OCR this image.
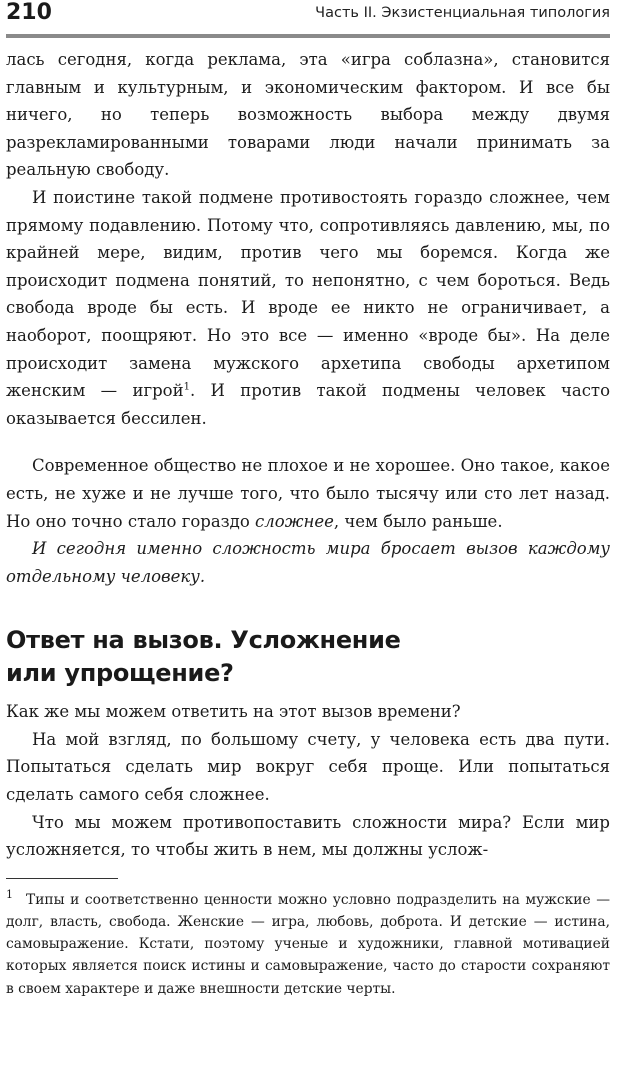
210	Часть II. Экзистенциальная типология

лась сегодня, когда реклама, эта «игра соблазна», становится главным и культурным, и экономическим фактором. И все бы ничего, но теперь возможность выбора между двумя разрекламированными товарами люди начали принимать за реальную свободу.

И поистине такой подмене противостоять гораздо сложнее, чем прямому подавлению. Потому что, сопротивляясь давлению, мы, по крайней мере, видим, против чего мы боремся. Когда же происходит подмена понятий, то непонятно, с чем бороться. Ведь свобода вроде бы есть. И вроде ее никто не ограничивает, а наоборот, поощряют. Но это все — именно «вроде бы». На деле происходит замена мужского архетипа свободы архетипом женским — игрой$^1$. И против такой подмены человек часто оказывается бессилен.

Современное общество не плохое и не хорошее. Оно такое, какое есть, не хуже и не лучше того, что было тысячу или сто лет назад. Но оно точно стало гораздо сложнее, чем было раньше.

И сегодня именно сложность мира бросает вызов каждому отдельному человеку.

Ответ на вызов. Усложнение
или упрощение?

Как же мы можем ответить на этот вызов времени?

На мой взгляд, по большому счету, у человека есть два пути. Попытаться сделать мир вокруг себя проще. Или попытаться сделать самого себя сложнее.

Что мы можем противопоставить сложности мира? Если мир усложняется, то чтобы жить в нем, мы должны услож-

1 Типы и соответственно ценности можно условно подразделить на мужские — долг, власть, свобода. Женские — игра, любовь, доброта. И детские — истина, самовыражение. Кстати, поэтому ученые и художники, главной мотивацией которых является поиск истины и самовыражение, часто до старости сохраняют в своем характере и даже внешности детские черты.
